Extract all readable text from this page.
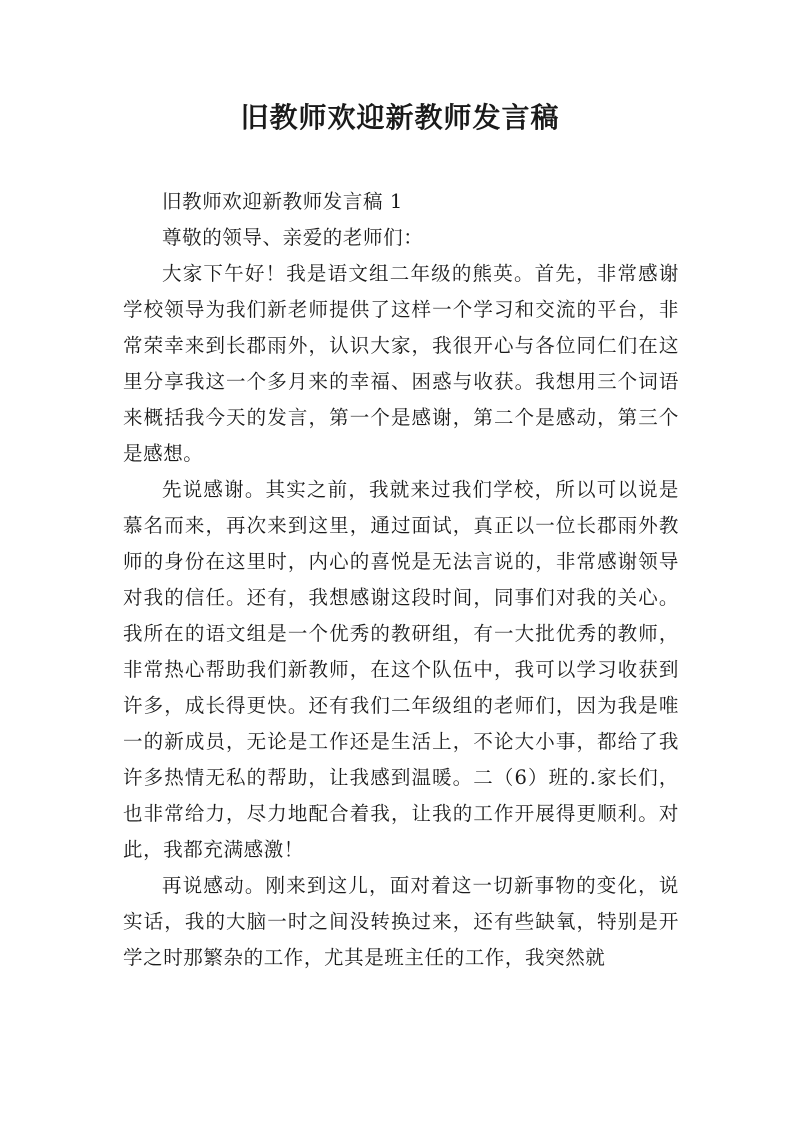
旧教师欢迎新教师发言稿

旧教师欢迎新教师发言稿 1

尊敬的领导、亲爱的老师们：

大家下午好！我是语文组二年级的熊英。首先，非常感谢学校领导为我们新老师提供了这样一个学习和交流的平台，非常荣幸来到长郡雨外，认识大家，我很开心与各位同仁们在这里分享我这一个多月来的幸福、困惑与收获。我想用三个词语来概括我今天的发言，第一个是感谢，第二个是感动，第三个是感想。

先说感谢。其实之前，我就来过我们学校，所以可以说是慕名而来，再次来到这里，通过面试，真正以一位长郡雨外教师的身份在这里时，内心的喜悦是无法言说的，非常感谢领导对我的信任。还有，我想感谢这段时间，同事们对我的关心。我所在的语文组是一个优秀的教研组，有一大批优秀的教师，非常热心帮助我们新教师，在这个队伍中，我可以学习收获到许多，成长得更快。还有我们二年级组的老师们，因为我是唯一的新成员，无论是工作还是生活上，不论大小事，都给了我许多热情无私的帮助，让我感到温暖。二（6）班的.家长们，也非常给力，尽力地配合着我，让我的工作开展得更顺利。对此，我都充满感激！

再说感动。刚来到这儿，面对着这一切新事物的变化，说实话，我的大脑一时之间没转换过来，还有些缺氧，特别是开学之时那繁杂的工作，尤其是班主任的工作，我突然就
